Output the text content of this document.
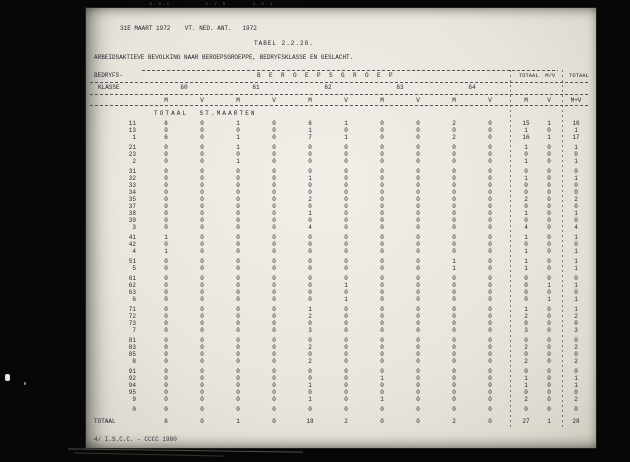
. .  U.S.C.  . .  A.V.R.  .  1.S.1  . . .
31E MAART 1972    VT. NED. ANT.   1972
TABEL 2.2.28.
ARBEIDSAKTIEVE BEVOLKING NAAR BEROEPSGROEPPE, BEDRYFSKLASSE EN GESLACHT.
BEDRYFS-
KLASSE
B E R O E P S G R O E P	TOTAAL  M/V	TOTAAL
60	61	62	63	64
M	V	M	V	M	V	M	V	M	V	M	V	M+V
TOTAAL  ST.MAARTEN
11	6	0	1	0	6	1	0	0	2	0	15	1	16
13	0	0	0	0	1	0	0	0	0	0	1	0	1
1	6	0	1	0	7	1	0	0	2	0	16	1	17
21	0	0	1	0	0	0	0	0	0	0	1	0	1
23	0	0	0	0	0	0	0	0	0	0	0	0	0
2	0	0	1	0	0	0	0	0	0	0	1	0	1
31	0	0	0	0	0	0	0	0	0	0	0	0	0
32	0	0	0	0	1	0	0	0	0	0	1	0	1
33	0	0	0	0	0	0	0	0	0	0	0	0	0
34	0	0	0	0	0	0	0	0	0	0	0	0	0
35	0	0	0	0	2	0	0	0	0	0	2	0	2
37	0	0	0	0	0	0	0	0	0	0	0	0	0
38	0	0	0	0	1	0	0	0	0	0	1	0	1
39	0	0	0	0	0	0	0	0	0	0	0	0	0
3	0	0	0	0	4	0	0	0	0	0	4	0	4
41	1	0	0	0	0	0	0	0	0	0	1	0	1
42	0	0	0	0	0	0	0	0	0	0	0	0	0
4	1	0	0	0	0	0	0	0	0	0	1	0	1
51	0	0	0	0	0	0	0	0	1	0	1	0	1
5	0	0	0	0	0	0	0	0	1	0	1	0	1
61	0	0	0	0	0	0	0	0	0	0	0	0	0
62	0	0	0	0	0	1	0	0	0	0	0	1	1
63	0	0	0	0	0	0	0	0	0	0	0	0	0
6	0	0	0	0	0	1	0	0	0	0	0	1	1
71	0	0	0	0	1	0	0	0	0	0	1	0	1
72	0	0	0	0	2	0	0	0	0	0	2	0	2
73	0	0	0	0	0	0	0	0	0	0	0	0	0
7	0	0	0	0	3	0	0	0	0	0	3	0	3
81	0	0	0	0	0	0	0	0	0	0	0	0	0
83	0	0	0	0	2	0	0	0	0	0	2	0	2
85	0	0	0	0	0	0	0	0	0	0	0	0	0
8	0	0	0	0	2	0	0	0	0	0	2	0	2
91	0	0	0	0	0	0	0	0	0	0	0	0	0
92	0	0	0	0	0	0	1	0	0	0	1	0	1
94	0	0	0	0	1	0	0	0	0	0	1	0	1
95	0	0	0	0	0	0	0	0	0	0	0	0	0
9	0	0	0	0	1	0	1	0	0	0	2	0	2
0	0	0	0	0	0	0	0	0	0	0	0	0	0
TOTAAL	6	0	1	0	18	2	0	0	2	0	27	1	28
4/ I.S.C.C. - CCCC 1980
